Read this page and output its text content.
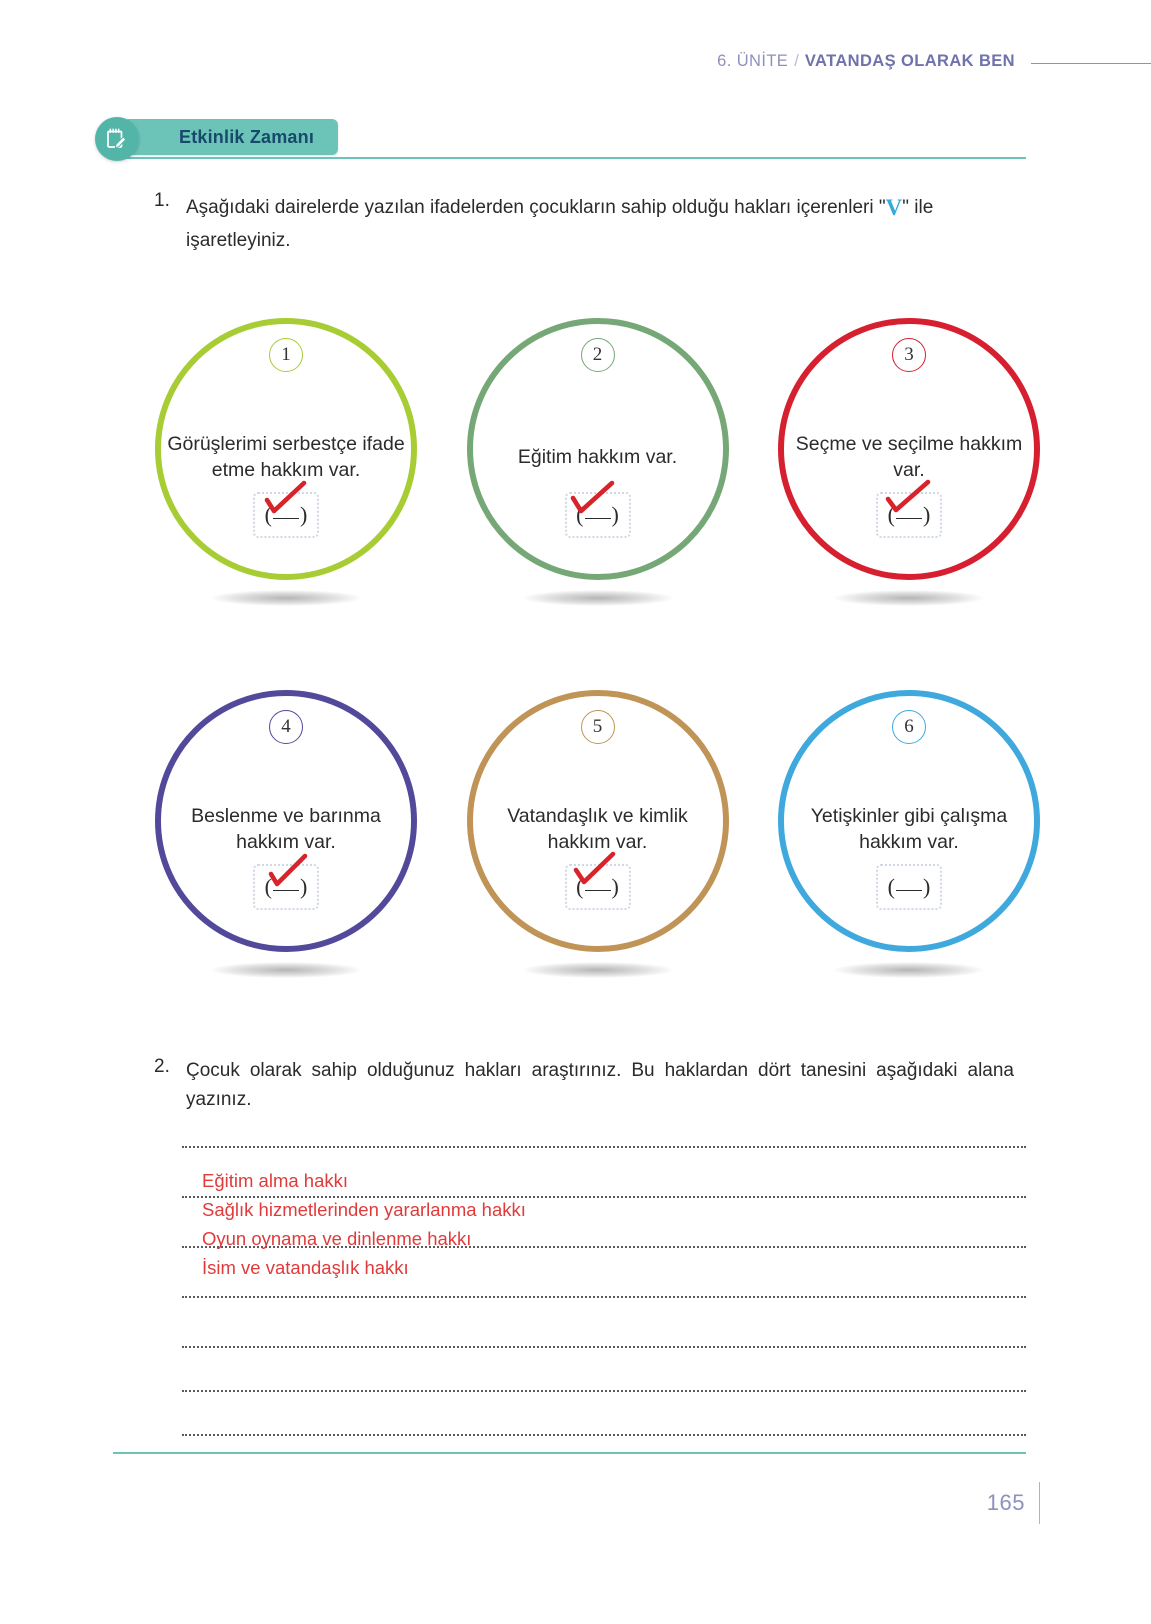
6. ÜNİTE / VATANDAŞ OLARAK BEN
Etkinlik Zamanı
1. Aşağıdaki dairelerde yazılan ifadelerden çocukların sahip olduğu hakları içerenleri "V" ile işaretleyiniz.
1
Görüşlerimi serbestçe ifade etme hakkım var.
( )
2
Eğitim hakkım var.
( )
3
Seçme ve seçilme hakkım var.
( )
4
Beslenme ve barınma hakkım var.
( )
5
Vatandaşlık ve kimlik hakkım var.
( )
6
Yetişkinler gibi çalışma hakkım var.
( )
2. Çocuk olarak sahip olduğunuz hakları araştırınız. Bu haklardan dört tanesini aşağıdaki alana yazınız.
Eğitim alma hakkı
Sağlık hizmetlerinden yararlanma hakkı
Oyun oynama ve dinlenme hakkı
İsim ve vatandaşlık hakkı
165
